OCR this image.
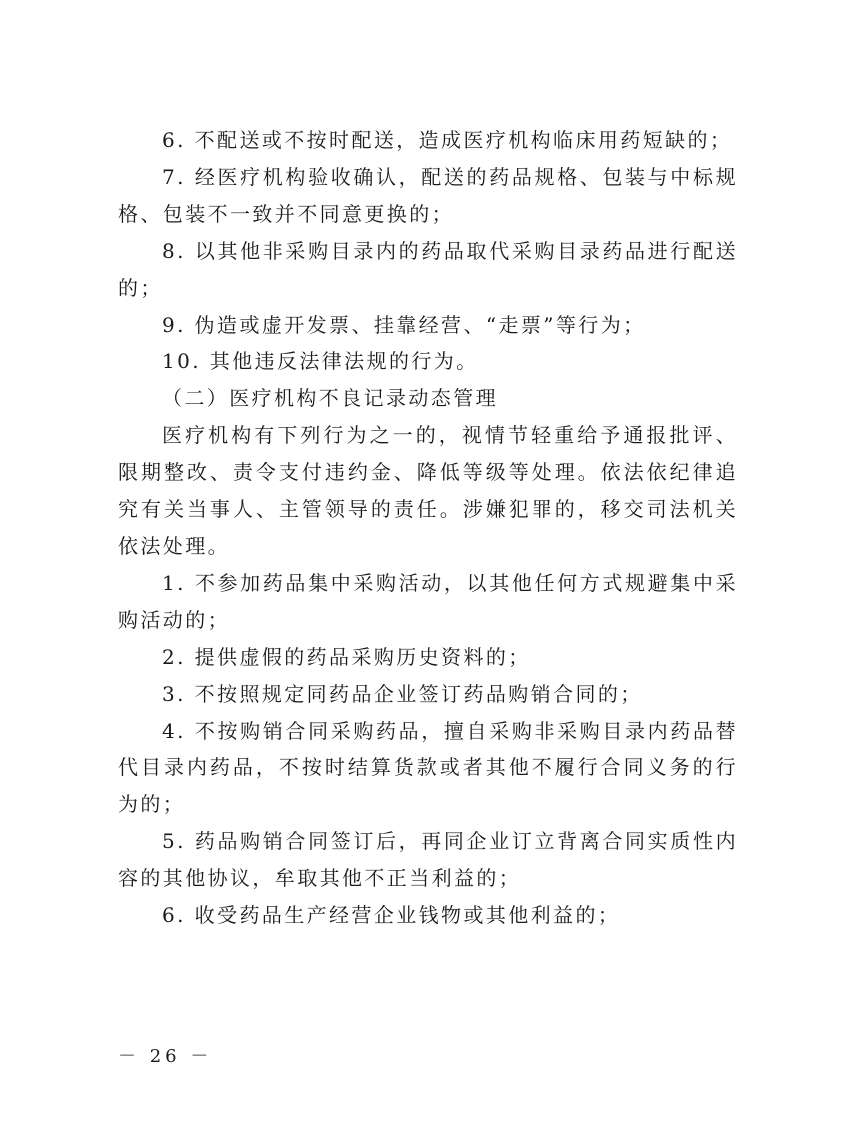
6. 不配送或不按时配送，造成医疗机构临床用药短缺的；

7. 经医疗机构验收确认，配送的药品规格、包装与中标规格、包装不一致并不同意更换的；

8. 以其他非采购目录内的药品取代采购目录药品进行配送的；

9. 伪造或虚开发票、挂靠经营、“走票”等行为；

10. 其他违反法律法规的行为。

（二）医疗机构不良记录动态管理

医疗机构有下列行为之一的，视情节轻重给予通报批评、限期整改、责令支付违约金、降低等级等处理。依法依纪律追究有关当事人、主管领导的责任。涉嫌犯罪的，移交司法机关依法处理。

1. 不参加药品集中采购活动，以其他任何方式规避集中采购活动的；

2. 提供虚假的药品采购历史资料的；

3. 不按照规定同药品企业签订药品购销合同的；

4. 不按购销合同采购药品，擅自采购非采购目录内药品替代目录内药品，不按时结算货款或者其他不履行合同义务的行为的；

5. 药品购销合同签订后，再同企业订立背离合同实质性内容的其他协议，牟取其他不正当利益的；

6. 收受药品生产经营企业钱物或其他利益的；

－ 26 －
